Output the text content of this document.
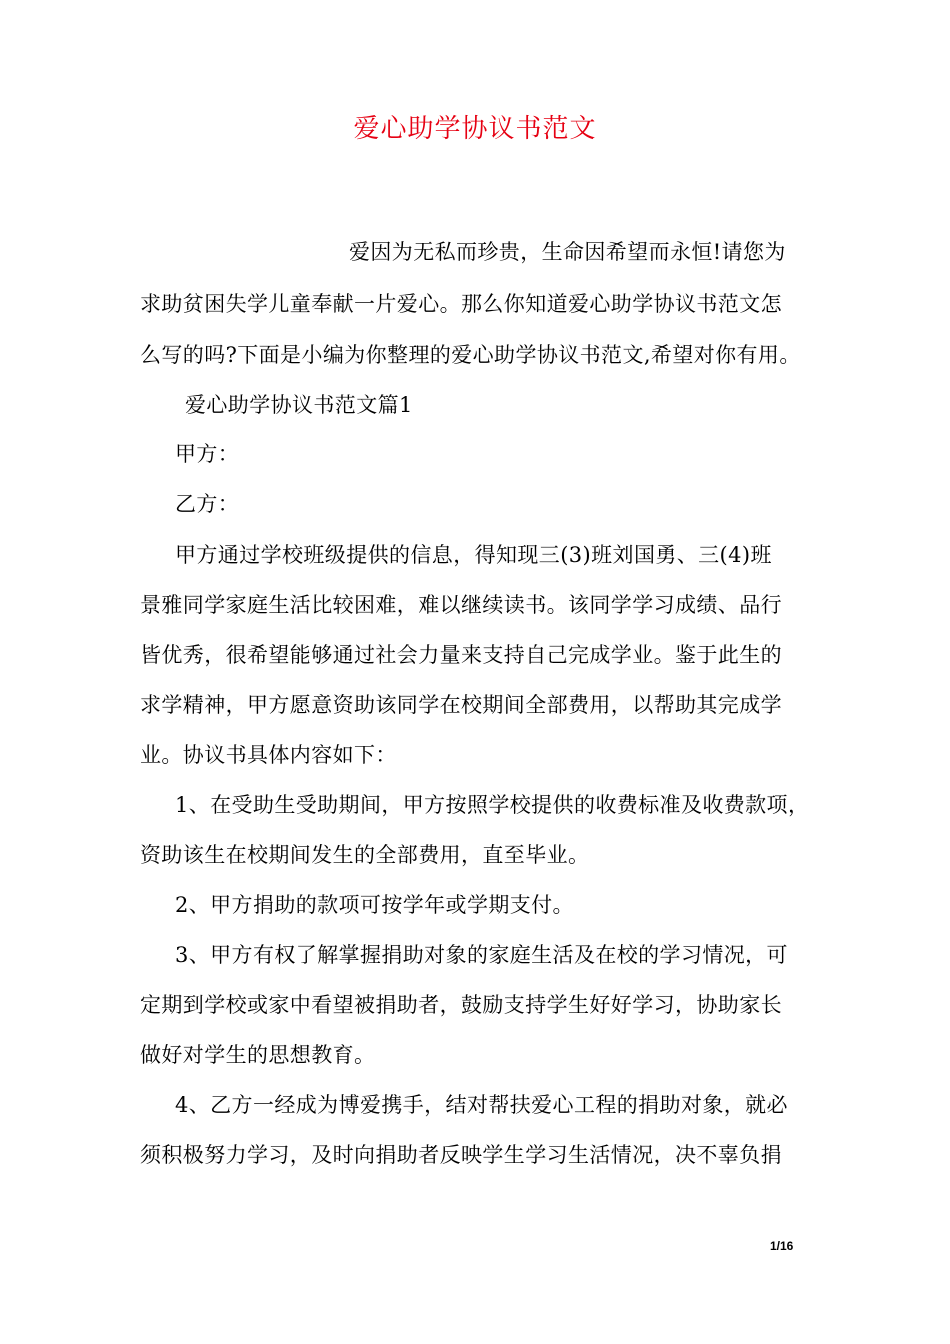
爱心助学协议书范文
爱因为无私而珍贵，生命因希望而永恒!请您为
求助贫困失学儿童奉献一片爱心。那么你知道爱心助学协议书范文怎
么写的吗?下面是小编为你整理的爱心助学协议书范文,希望对你有用。
爱心助学协议书范文篇1
甲方：
乙方：
甲方通过学校班级提供的信息，得知现三(3)班刘国勇、三(4)班
景雅同学家庭生活比较困难，难以继续读书。该同学学习成绩、品行
皆优秀，很希望能够通过社会力量来支持自己完成学业。鉴于此生的
求学精神，甲方愿意资助该同学在校期间全部费用，以帮助其完成学
业。协议书具体内容如下：
1、在受助生受助期间，甲方按照学校提供的收费标准及收费款项，
资助该生在校期间发生的全部费用，直至毕业。
2、甲方捐助的款项可按学年或学期支付。
3、甲方有权了解掌握捐助对象的家庭生活及在校的学习情况，可
定期到学校或家中看望被捐助者，鼓励支持学生好好学习，协助家长
做好对学生的思想教育。
4、乙方一经成为博爱携手，结对帮扶爱心工程的捐助对象，就必
须积极努力学习，及时向捐助者反映学生学习生活情况，决不辜负捐
1/16
